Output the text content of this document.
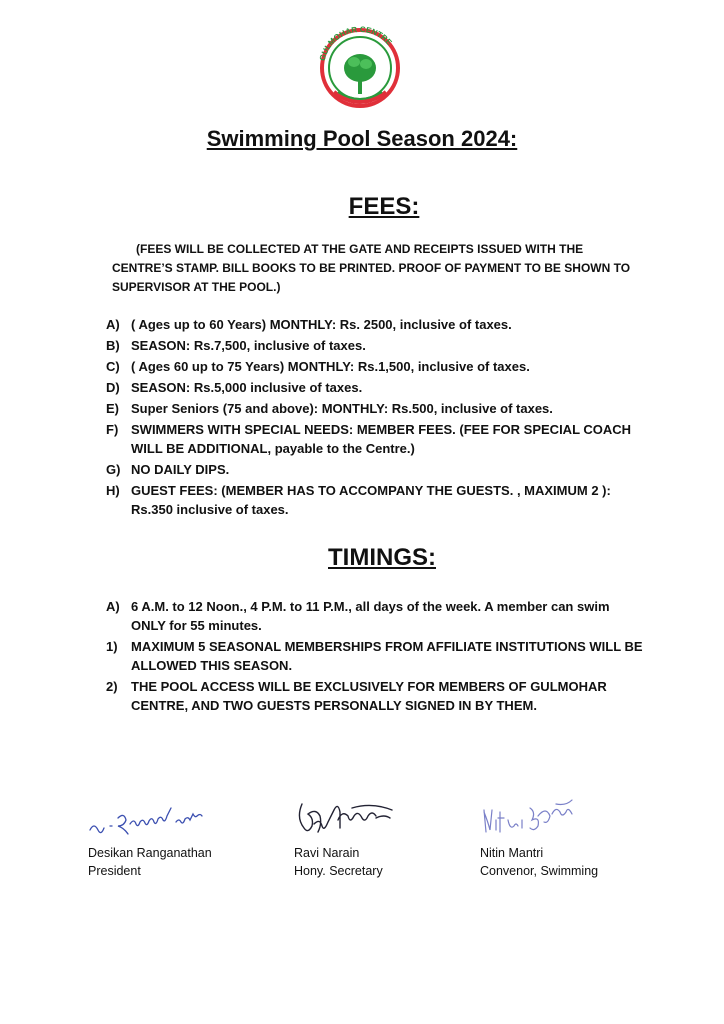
GULMOHAR CENTRE
Swimming Pool Season 2024:
FEES:

(FEES WILL BE COLLECTED AT THE GATE AND RECEIPTS ISSUED WITH THE CENTRE’S STAMP. BILL BOOKS TO BE PRINTED. PROOF OF PAYMENT TO BE SHOWN TO SUPERVISOR AT THE POOL.)

A) ( Ages up to 60 Years) MONTHLY: Rs. 2500, inclusive of taxes.
B) SEASON: Rs.7,500, inclusive of taxes.
C) ( Ages 60 up to 75 Years) MONTHLY: Rs.1,500, inclusive of taxes.
D) SEASON: Rs.5,000 inclusive of taxes.
E) Super Seniors (75 and above): MONTHLY: Rs.500, inclusive of taxes.
F) SWIMMERS WITH SPECIAL NEEDS: MEMBER FEES. (FEE FOR SPECIAL COACH WILL BE ADDITIONAL, payable to the Centre.)
G) NO DAILY DIPS.
H) GUEST FEES: (MEMBER HAS TO ACCOMPANY THE GUESTS. , MAXIMUM 2 ): Rs.350 inclusive of taxes.
TIMINGS:
A) 6 A.M. to 12 Noon., 4 P.M. to 11 P.M., all days of the week. A member can swim ONLY for 55 minutes.
1) MAXIMUM 5 SEASONAL MEMBERSHIPS FROM AFFILIATE INSTITUTIONS WILL BE ALLOWED THIS SEASON.
2) THE POOL ACCESS WILL BE EXCLUSIVELY FOR MEMBERS OF GULMOHAR CENTRE, AND TWO GUESTS PERSONALLY SIGNED IN BY THEM.
Desikan Ranganathan
President
Ravi Narain
Hony. Secretary
Nitin Mantri
Convenor, Swimming
